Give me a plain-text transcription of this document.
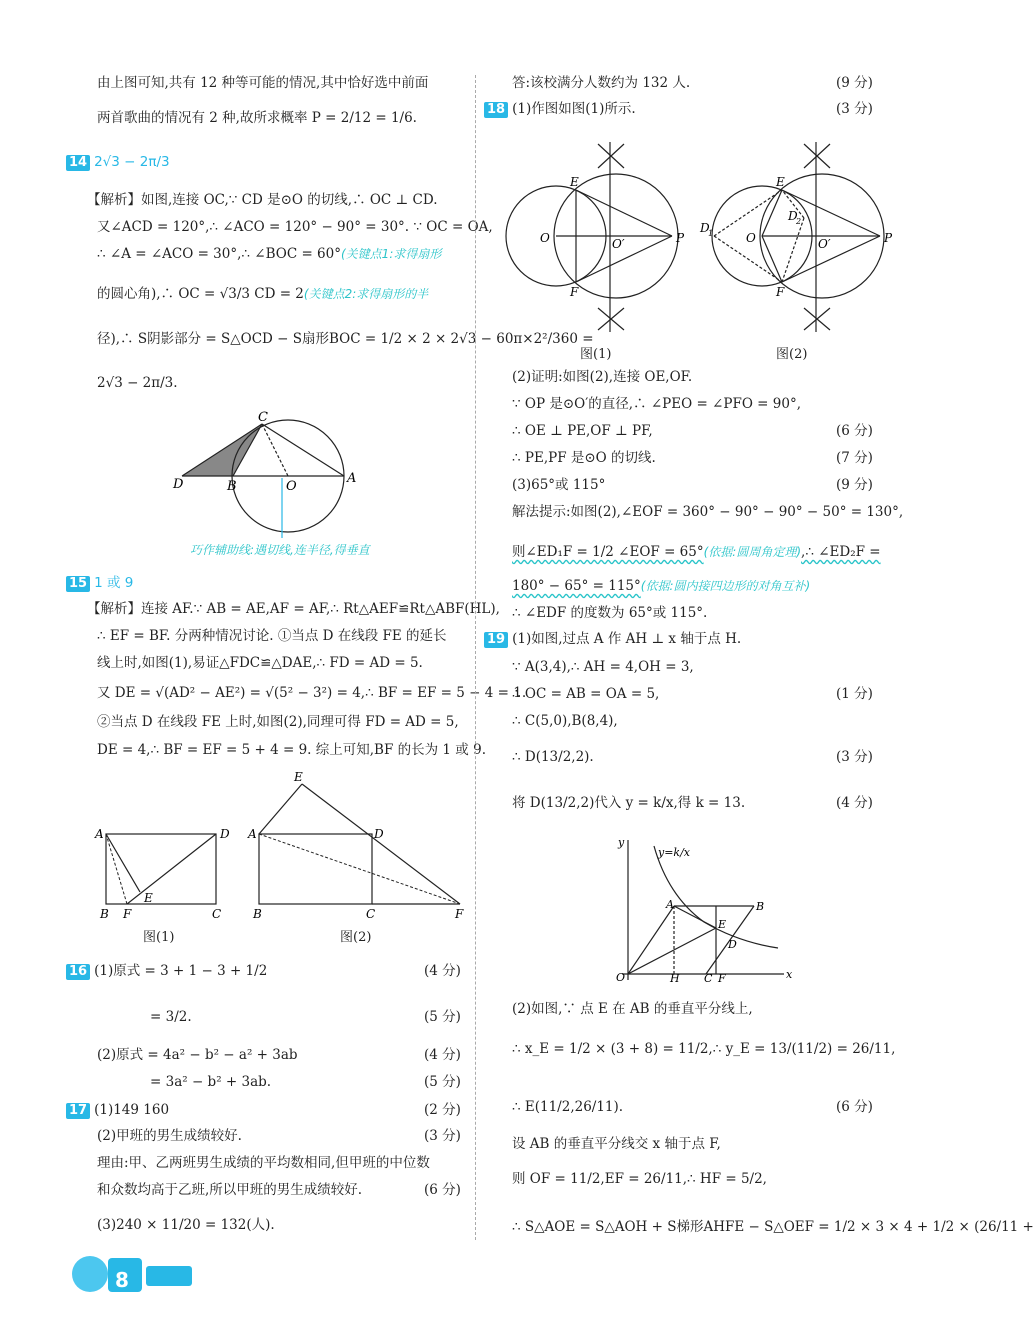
由上图可知,共有 12 种等可能的情况,其中恰好选中前面
两首歌曲的情况有 2 种,故所求概率 P = 2/12 = 1/6.
14 2√3 − 2π/3
【解析】如图,连接 OC,∵ CD 是⊙O 的切线,∴ OC ⊥ CD.
又∠ACD = 120°,∴ ∠ACO = 120° − 90° = 30°. ∵ OC = OA,
∴ ∠A = ∠ACO = 30°,∴ ∠BOC = 60°(关键点1:求得扇形
的圆心角),∴ OC = √3/3 CD = 2(关键点2:求得扇形的半
径),∴ S阴影部分 = S△OCD − S扇形BOC = 1/2 × 2 × 2√3 − 60π×2²/360 =
2√3 − 2π/3.
C
D	B	O
A
巧作辅助线:遇切线,连半径,得垂直
15 1 或 9
【解析】连接 AF.∵ AB = AE,AF = AF,∴ Rt△AEF≌Rt△ABF(HL),
∴ EF = BF. 分两种情况讨论. ①当点 D 在线段 FE 的延长
线上时,如图(1),易证△FDC≌△DAE,∴ FD = AD = 5.
又 DE = √(AD² − AE²) = √(5² − 3²) = 4,∴ BF = EF = 5 − 4 = 1.
②当点 D 在线段 FE 上时,如图(2),同理可得 FD = AD = 5,
DE = 4,∴ BF = EF = 5 + 4 = 9. 综上可知,BF 的长为 1 或 9.
A	D
B F
E
C
E
A	D
B	C	F
图(1)	图(2)
16 (1)原式 = 3 + 1 − 3 + 1/2	(4 分)
= 3/2.	(5 分)
(2)原式 = 4a² − b² − a² + 3ab	(4 分)
= 3a² − b² + 3ab.	(5 分)
17 (1)149 160	(2 分)
(2)甲班的男生成绩较好.	(3 分)
理由:甲、乙两班男生成绩的平均数相同,但甲班的中位数
和众数均高于乙班,所以甲班的男生成绩较好.	(6 分)
(3)240 × 11/20 = 132(人).
8
答:该校满分人数约为 132 人.	(9 分)
18 (1)作图如图(1)所示.	(3 分)
O	O′	P
E
F
D
1	O	O′	P
E
F
D
2
图(1)	图(2)
(2)证明:如图(2),连接 OE,OF.
∵ OP 是⊙O′的直径,∴ ∠PEO = ∠PFO = 90°,
∴ OE ⊥ PE,OF ⊥ PF,	(6 分)
∴ PE,PF 是⊙O 的切线.	(7 分)
(3)65°或 115°	(9 分)
解法提示:如图(2),∠EOF = 360° − 90° − 90° − 50° = 130°,
则∠ED₁F = 1/2 ∠EOF = 65°(依据:圆周角定理),∴ ∠ED₂F =
180° − 65° = 115°(依据:圆内接四边形的对角互补)
∴ ∠EDF 的度数为 65°或 115°.
19 (1)如图,过点 A 作 AH ⊥ x 轴于点 H.
∵ A(3,4),∴ AH = 4,OH = 3,
∴ OC = AB = OA = 5,	(1 分)
∴ C(5,0),B(8,4),
∴ D(13/2,2).	(3 分)
将 D(13/2,2)代入 y = k/x,得 k = 13.	(4 分)
y
x
O	H C F
A	B
E
D
y=k/x
(2)如图,∵ 点 E 在 AB 的垂直平分线上,
∴ x_E = 1/2 × (3 + 8) = 11/2,∴ y_E = 13/(11/2) = 26/11,
∴ E(11/2,26/11).	(6 分)
设 AB 的垂直平分线交 x 轴于点 F,
则 OF = 11/2,EF = 26/11,∴ HF = 5/2,
∴ S△AOE = S△AOH + S梯形AHFE − S△OEF = 1/2 × 3 × 4 + 1/2 × (26/11 +
